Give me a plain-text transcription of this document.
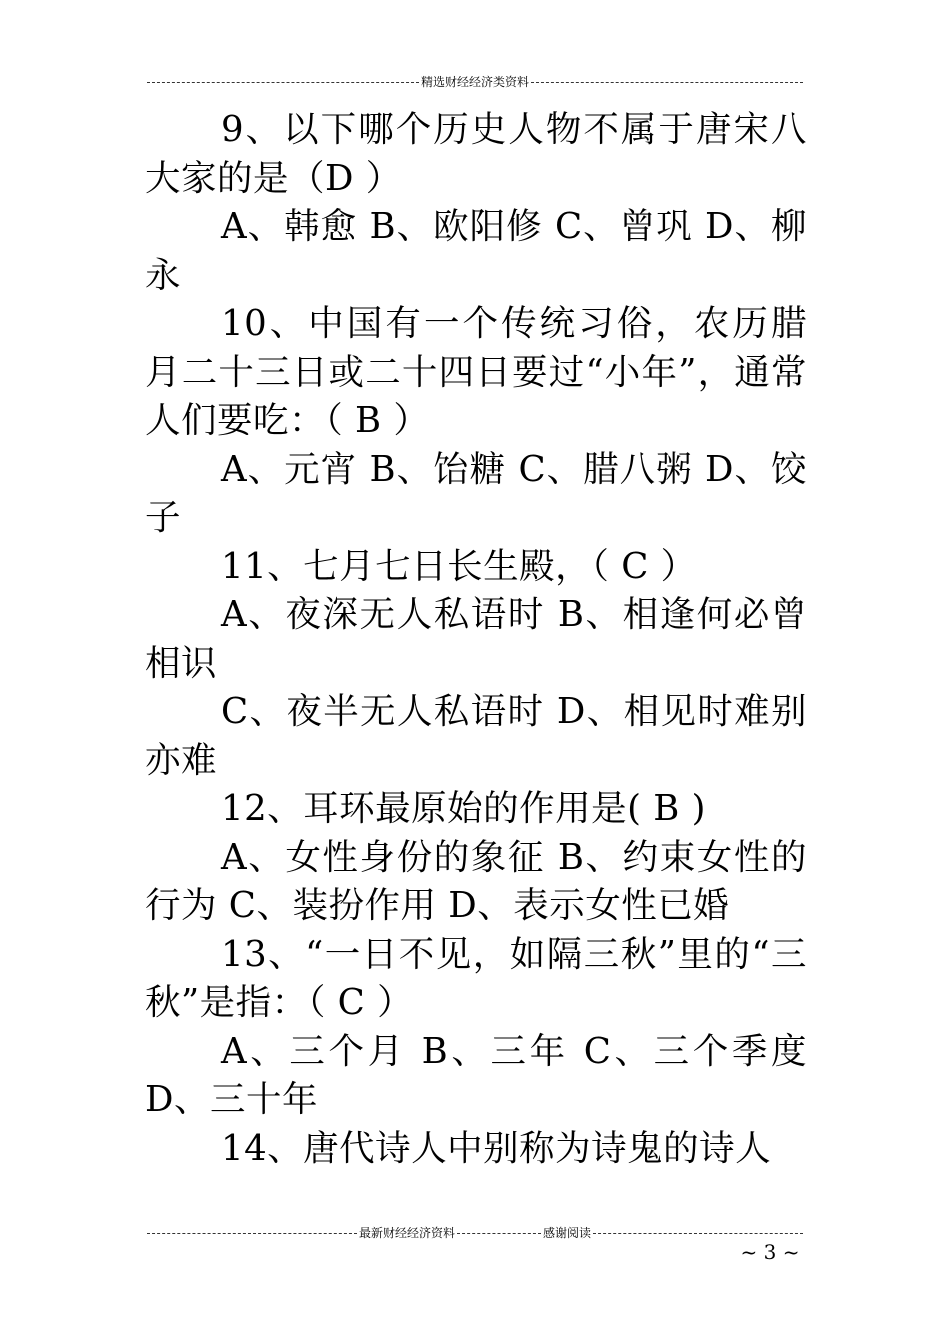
精选财经经济类资料

9、以下哪个历史人物不属于唐宋八大家的是（D ）

A、韩愈 B、欧阳修 C、曾巩 D、柳永

10、中国有一个传统习俗，农历腊月二十三日或二十四日要过“小年”，通常人们要吃：（ B ）

A、元宵 B、饴糖 C、腊八粥 D、饺子

11、七月七日长生殿，（ C ）

A、夜深无人私语时 B、相逢何必曾相识

C、夜半无人私语时 D、相见时难别亦难

12、耳环最原始的作用是( B )

A、女性身份的象征 B、约束女性的行为 C、装扮作用 D、表示女性已婚

13、“一日不见，如隔三秋”里的“三秋”是指：（ C ）

A、三个月 B、三年 C、三个季度 D、三十年

14、唐代诗人中别称为诗鬼的诗人

最新财经经济资料	感谢阅读
~ 3 ~
